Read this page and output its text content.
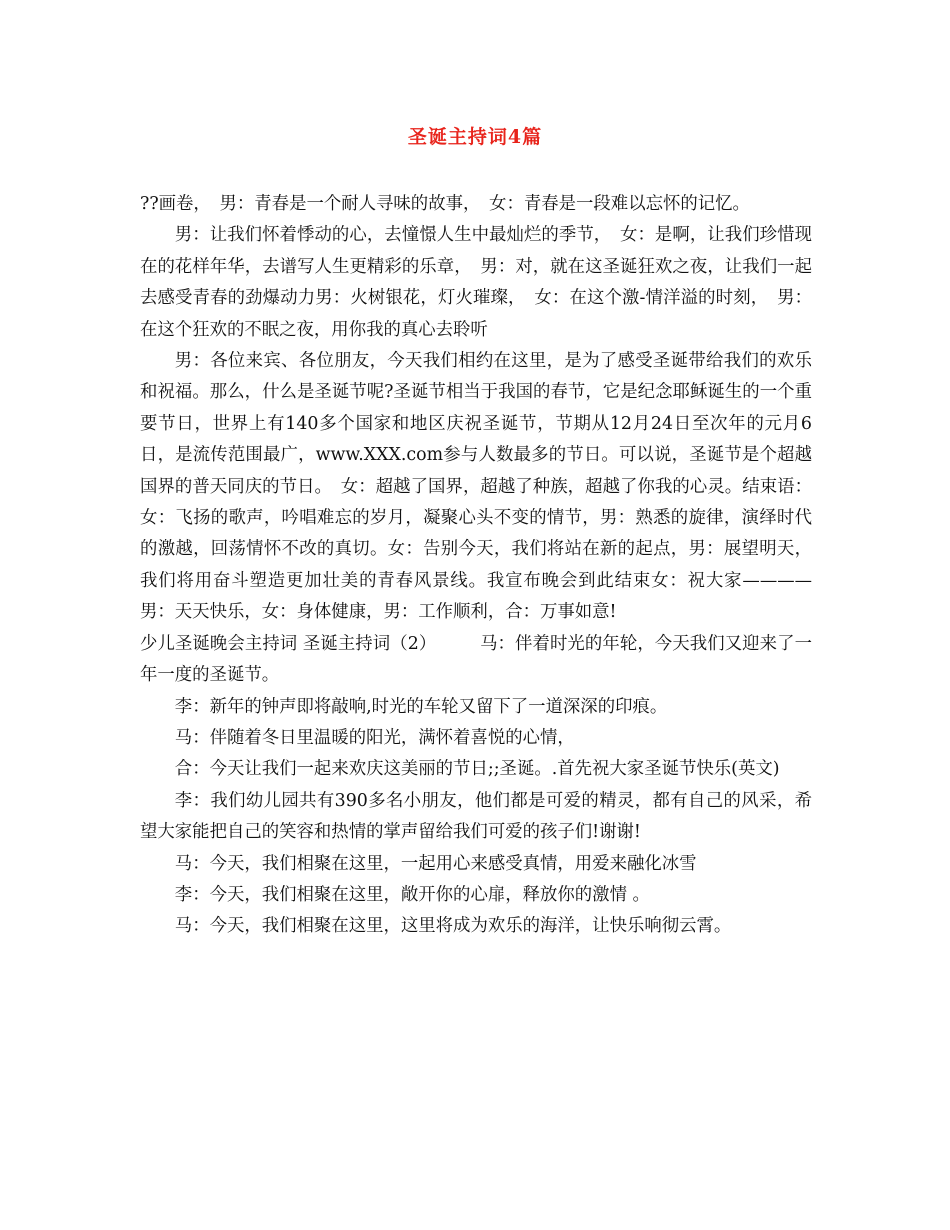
圣诞主持词4篇

??画卷，　男：青春是一个耐人寻味的故事，　女：青春是一段难以忘怀的记忆。

男：让我们怀着悸动的心，去憧憬人生中最灿烂的季节，　女：是啊，让我们珍惜现在的花样年华，去谱写人生更精彩的乐章，　男：对，就在这圣诞狂欢之夜，让我们一起去感受青春的劲爆动力男：火树银花，灯火璀璨，　女：在这个激-情洋溢的时刻，　男：在这个狂欢的不眠之夜，用你我的真心去聆听

男：各位来宾、各位朋友，今天我们相约在这里，是为了感受圣诞带给我们的欢乐和祝福。那么，什么是圣诞节呢?圣诞节相当于我国的春节，它是纪念耶稣诞生的一个重要节日，世界上有140多个国家和地区庆祝圣诞节，节期从12月24日至次年的元月6日，是流传范围最广，www.XXX.com参与人数最多的节日。可以说，圣诞节是个超越国界的普天同庆的节日。　女：超越了国界，超越了种族，超越了你我的心灵。结束语：女：飞扬的歌声，吟唱难忘的岁月，凝聚心头不变的情节，男：熟悉的旋律，演绎时代的激越，回荡情怀不改的真切。女：告别今天，我们将站在新的起点，男：展望明天，我们将用奋斗塑造更加壮美的青春风景线。我宣布晚会到此结束女：祝大家————男：天天快乐，女：身体健康，男：工作顺利，合：万事如意!

少儿圣诞晚会主持词 圣诞主持词（2）　　　马：伴着时光的年轮，今天我们又迎来了一年一度的圣诞节。

李：新年的钟声即将敲响,时光的车轮又留下了一道深深的印痕。

马：伴随着冬日里温暖的阳光，满怀着喜悦的心情，

合：今天让我们一起来欢庆这美丽的节日;;圣诞。.首先祝大家圣诞节快乐(英文)

李：我们幼儿园共有390多名小朋友，他们都是可爱的精灵，都有自己的风采，希望大家能把自己的笑容和热情的掌声留给我们可爱的孩子们!谢谢!

马：今天，我们相聚在这里，一起用心来感受真情，用爱来融化冰雪

李：今天，我们相聚在这里，敞开你的心扉，释放你的激情 。

马：今天，我们相聚在这里，这里将成为欢乐的海洋，让快乐响彻云霄。
